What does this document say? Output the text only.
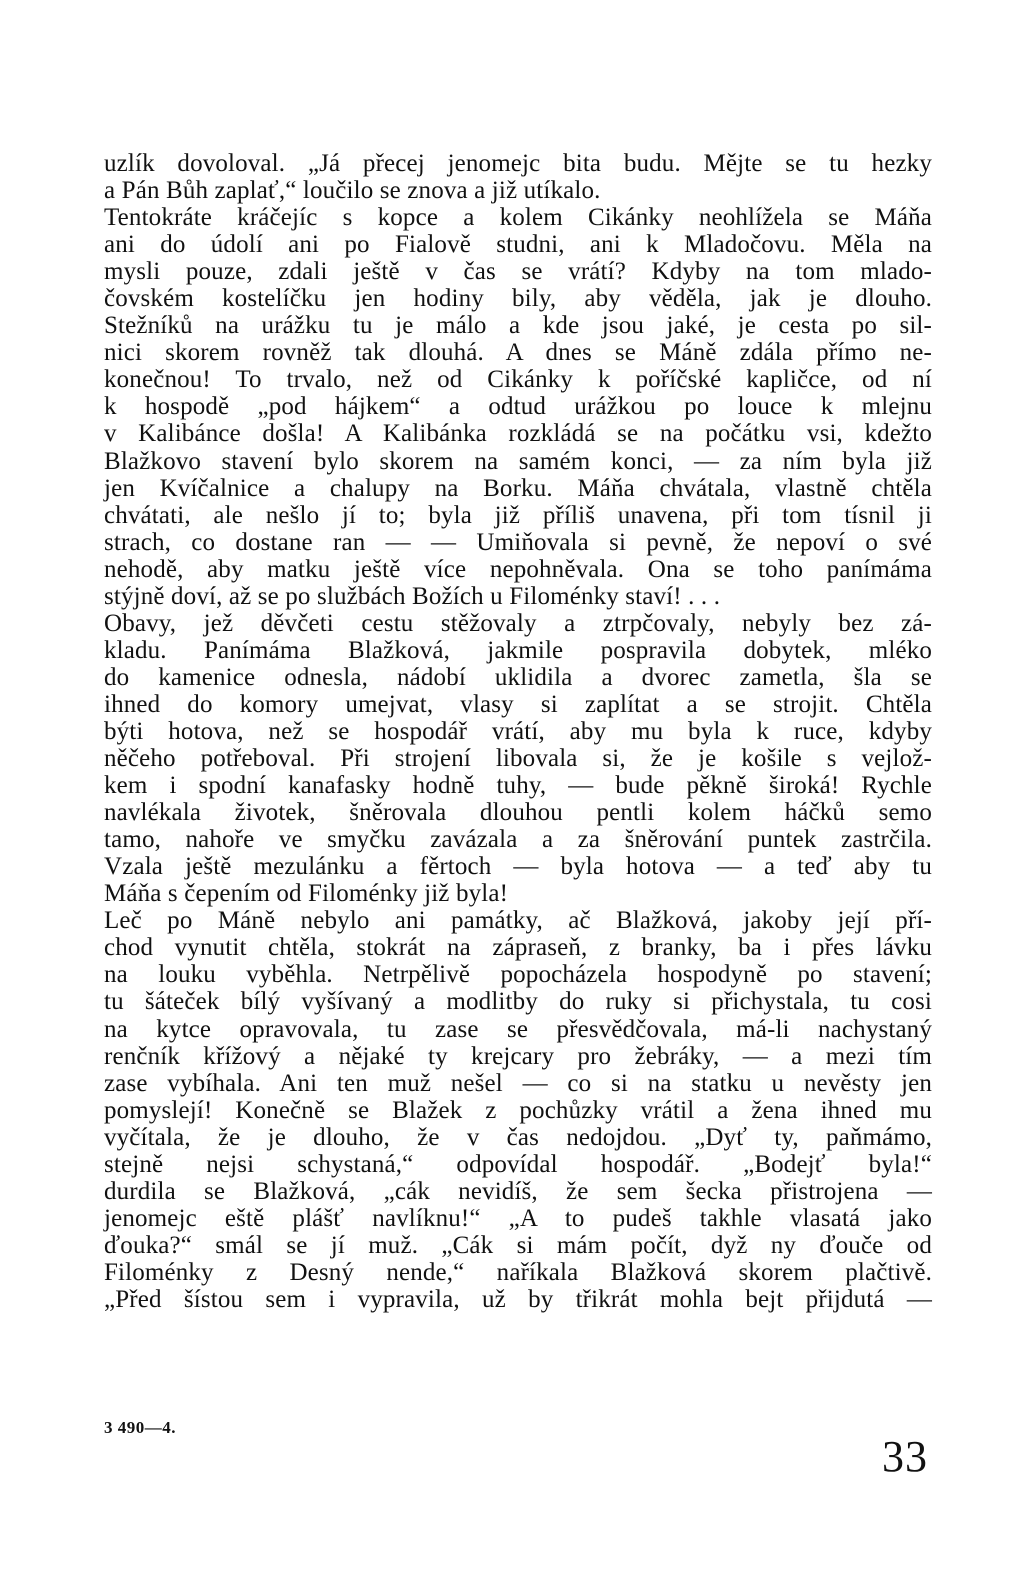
uzlík dovoloval. „Já přecej jenomejc bita budu. Mějte se tu hezky
a Pán Bůh zaplať,“ loučilo se znova a již utíkalo.
Tentokráte kráčejíc s kopce a kolem Cikánky neohlížela se Máňa
ani do údolí ani po Fialově studni, ani k Mladočovu. Měla na
mysli pouze, zdali ještě v čas se vrátí? Kdyby na tom mlado-
čovském kostelíčku jen hodiny bily, aby věděla, jak je dlouho.
Stežníků na urážku tu je málo a kde jsou jaké, je cesta po sil-
nici skorem rovněž tak dlouhá. A dnes se Máně zdála přímo ne-
konečnou! To trvalo, než od Cikánky k poříčské kapličce, od ní
k hospodě „pod hájkem“ a odtud urážkou po louce k mlejnu
v Kalibánce došla! A Kalibánka rozkládá se na počátku vsi, kdežto
Blažkovo stavení bylo skorem na samém konci, — za ním byla již
jen Kvíčalnice a chalupy na Borku. Máňa chvátala, vlastně chtěla
chvátati, ale nešlo jí to; byla již příliš unavena, při tom tísnil ji
strach, co dostane ran — — Umiňovala si pevně, že nepoví o své
nehodě, aby matku ještě více nepohněvala. Ona se toho panímáma
stýjně doví, až se po službách Božích u Filoménky staví! . . .
Obavy, jež děvčeti cestu stěžovaly a ztrpčovaly, nebyly bez zá-
kladu. Panímáma Blažková, jakmile pospravila dobytek, mléko
do kamenice odnesla, nádobí uklidila a dvorec zametla, šla se
ihned do komory umejvat, vlasy si zaplítat a se strojit. Chtěla
býti hotova, než se hospodář vrátí, aby mu byla k ruce, kdyby
něčeho potřeboval. Při strojení libovala si, že je košile s vejlož-
kem i spodní kanafasky hodně tuhy, — bude pěkně široká! Rychle
navlékala životek, šněrovala dlouhou pentli kolem háčků semo
tamo, nahoře ve smyčku zavázala a za šněrování puntek zastrčila.
Vzala ještě mezulánku a fěrtoch — byla hotova — a teď aby tu
Máňa s čepením od Filoménky již byla!
Leč po Máně nebylo ani památky, ač Blažková, jakoby její pří-
chod vynutit chtěla, stokrát na zápraseň, z branky, ba i přes lávku
na louku vyběhla. Netrpělivě popocházela hospodyně po stavení;
tu šáteček bílý vyšívaný a modlitby do ruky si přichystala, tu cosi
na kytce opravovala, tu zase se přesvědčovala, má-li nachystaný
renčník křížový a nějaké ty krejcary pro žebráky, — a mezi tím
zase vybíhala. Ani ten muž nešel — co si na statku u nevěsty jen
pomyslejí! Konečně se Blažek z pochůzky vrátil a žena ihned mu
vyčítala, že je dlouho, že v čas nedojdou. „Dyť ty, paňmámo,
stejně nejsi schystaná,“ odpovídal hospodář. „Bodejť byla!“
durdila se Blažková, „cák nevidíš, že sem šecka přistrojena —
jenomejc eště plášť navlíknu!“ „A to pudeš takhle vlasatá jako
ďouka?“ smál se jí muž. „Cák si mám počít, dyž ny ďouče od
Filoménky z Desný nende,“ naříkala Blažková skorem plačtivě.
„Před šístou sem i vypravila, už by třikrát mohla bejt přijdutá —
3 490—4.
33
